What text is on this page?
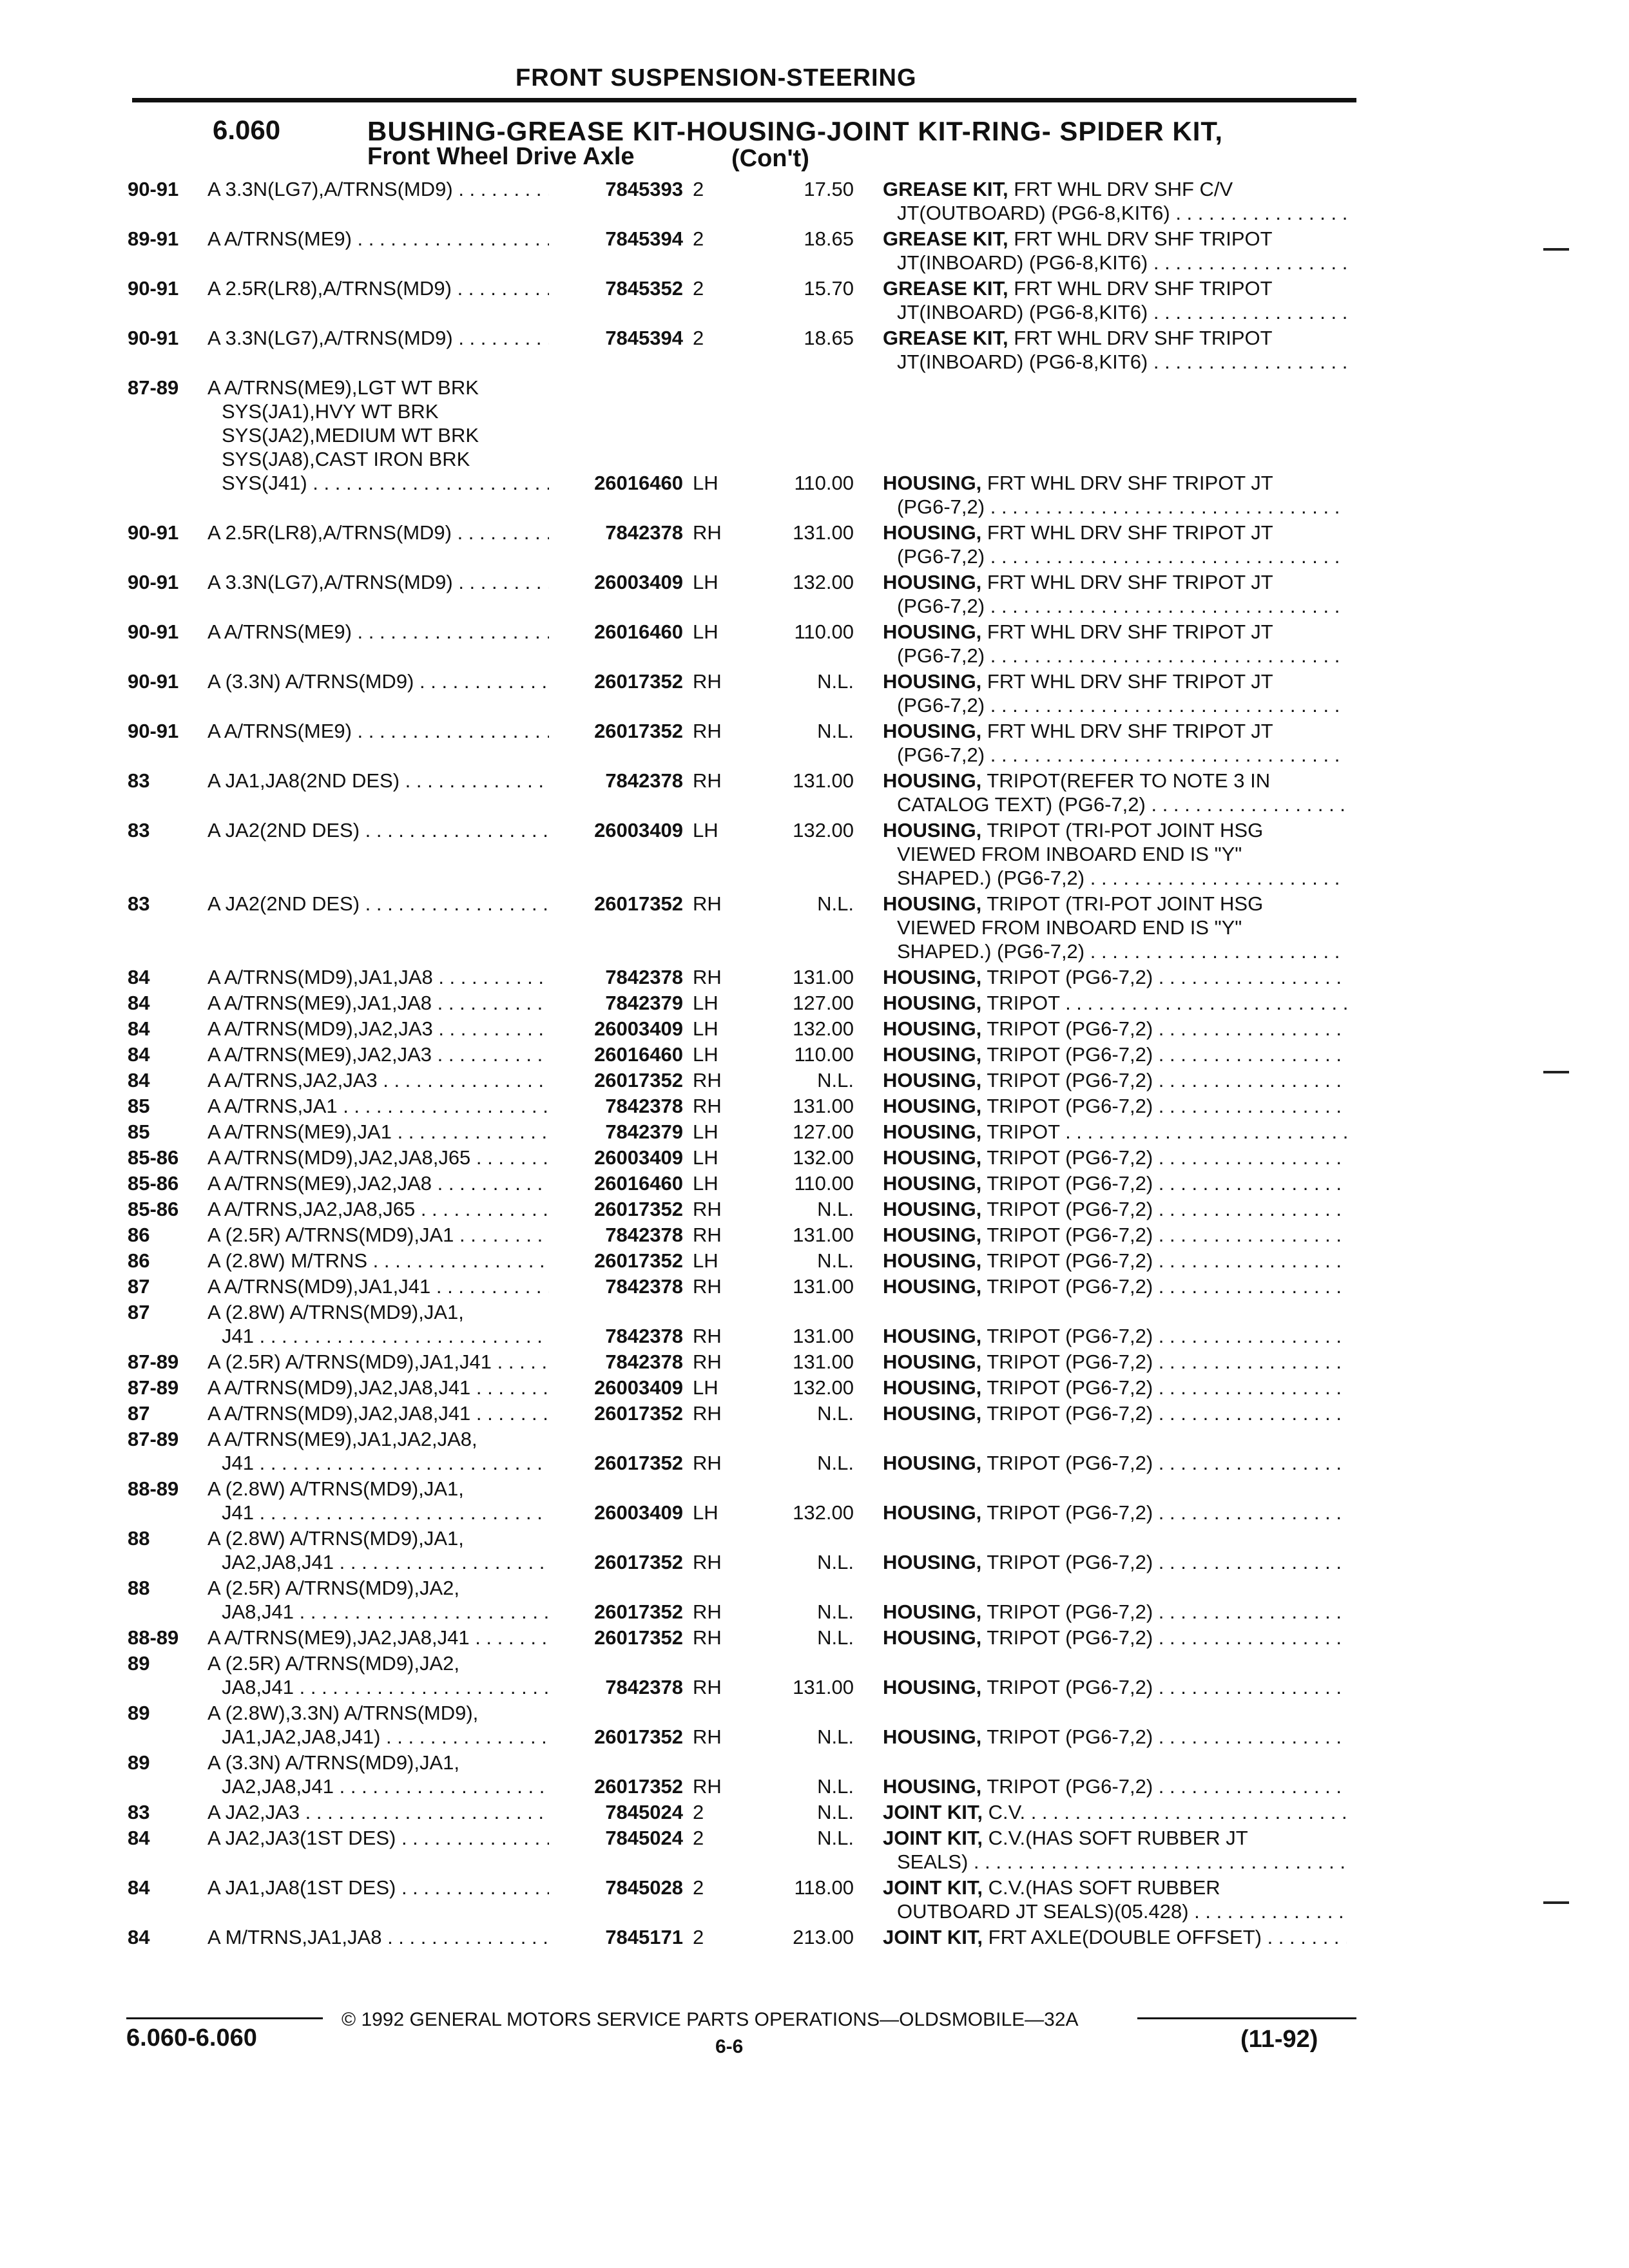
FRONT SUSPENSION-STEERING
6.060	BUSHING-GREASE KIT-HOUSING-JOINT KIT-RING- SPIDER KIT,
Front Wheel Drive Axle	(Con't)
90-91 A 3.3N(LG7),A/TRNS(MD9) . . .	7845393 2	17.50 GREASE KIT, FRT WHL DRV SHF C/V
JT(OUTBOARD) (PG6-8,KIT6) . . .
89-91 A A/TRNS(ME9) . . .	7845394 2	18.65 GREASE KIT, FRT WHL DRV SHF TRIPOT
JT(INBOARD) (PG6-8,KIT6) . . .
90-91 A 2.5R(LR8),A/TRNS(MD9) . . .	7845352 2	15.70 GREASE KIT, FRT WHL DRV SHF TRIPOT
JT(INBOARD) (PG6-8,KIT6) . . .
90-91 A 3.3N(LG7),A/TRNS(MD9) . . .	7845394 2	18.65 GREASE KIT, FRT WHL DRV SHF TRIPOT
JT(INBOARD) (PG6-8,KIT6) . . .
87-89 A A/TRNS(ME9),LGT WT BRK
SYS(JA1),HVY WT BRK
SYS(JA2),MEDIUM WT BRK
SYS(JA8),CAST IRON BRK
SYS(J41) . . .	26016460 LH	110.00 HOUSING, FRT WHL DRV SHF TRIPOT JT
(PG6-7,2) . . .
90-91 A 2.5R(LR8),A/TRNS(MD9) . . .	7842378 RH	131.00 HOUSING, FRT WHL DRV SHF TRIPOT JT
(PG6-7,2) . . .
90-91 A 3.3N(LG7),A/TRNS(MD9) . . .	26003409 LH	132.00 HOUSING, FRT WHL DRV SHF TRIPOT JT
(PG6-7,2) . . .
90-91 A A/TRNS(ME9) . . .	26016460 LH	110.00 HOUSING, FRT WHL DRV SHF TRIPOT JT
(PG6-7,2) . . .
90-91 A (3.3N) A/TRNS(MD9) . . .	26017352 RH	N.L. HOUSING, FRT WHL DRV SHF TRIPOT JT
(PG6-7,2) . . .
90-91 A A/TRNS(ME9) . . .	26017352 RH	N.L. HOUSING, FRT WHL DRV SHF TRIPOT JT
(PG6-7,2) . . .
83	A JA1,JA8(2ND DES) . . .	7842378 RH	131.00 HOUSING, TRIPOT(REFER TO NOTE 3 IN
CATALOG TEXT) (PG6-7,2) . . .
83	A JA2(2ND DES) . . .	26003409 LH	132.00 HOUSING, TRIPOT (TRI-POT JOINT HSG
VIEWED FROM INBOARD END IS "Y"
SHAPED.) (PG6-7,2) . . .
83	A JA2(2ND DES) . . .	26017352 RH	N.L. HOUSING, TRIPOT (TRI-POT JOINT HSG
VIEWED FROM INBOARD END IS "Y"
SHAPED.) (PG6-7,2) . . .
84	A A/TRNS(MD9),JA1,JA8 . . .	7842378 RH	131.00 HOUSING, TRIPOT (PG6-7,2) . . .
84	A A/TRNS(ME9),JA1,JA8 . . .	7842379 LH	127.00 HOUSING, TRIPOT . . .
84	A A/TRNS(MD9),JA2,JA3 . . .	26003409 LH	132.00 HOUSING, TRIPOT (PG6-7,2) . . .
84	A A/TRNS(ME9),JA2,JA3 . . .	26016460 LH	110.00 HOUSING, TRIPOT (PG6-7,2) . . .
84	A A/TRNS,JA2,JA3 . . .	26017352 RH	N.L. HOUSING, TRIPOT (PG6-7,2) . . .
85	A A/TRNS,JA1 . . .	7842378 RH	131.00 HOUSING, TRIPOT (PG6-7,2) . . .
85	A A/TRNS(ME9),JA1 . . .	7842379 LH	127.00 HOUSING, TRIPOT . . .
85-86 A A/TRNS(MD9),JA2,JA8,J65 . . .	26003409 LH	132.00 HOUSING, TRIPOT (PG6-7,2) . . .
85-86 A A/TRNS(ME9),JA2,JA8 . . .	26016460 LH	110.00 HOUSING, TRIPOT (PG6-7,2) . . .
85-86 A A/TRNS,JA2,JA8,J65 . . .	26017352 RH	N.L. HOUSING, TRIPOT (PG6-7,2) . . .
86	A (2.5R) A/TRNS(MD9),JA1 . . .	7842378 RH	131.00 HOUSING, TRIPOT (PG6-7,2) . . .
86	A (2.8W) M/TRNS . . .	26017352 LH	N.L. HOUSING, TRIPOT (PG6-7,2) . . .
87	A A/TRNS(MD9),JA1,J41 . . .	7842378 RH	131.00 HOUSING, TRIPOT (PG6-7,2) . . .
87	A (2.8W) A/TRNS(MD9),JA1,
J41 . . .	7842378 RH	131.00 HOUSING, TRIPOT (PG6-7,2) . . .
87-89 A (2.5R) A/TRNS(MD9),JA1,J41 . . .	7842378 RH	131.00 HOUSING, TRIPOT (PG6-7,2) . . .
87-89 A A/TRNS(MD9),JA2,JA8,J41 . . .	26003409 LH	132.00 HOUSING, TRIPOT (PG6-7,2) . . .
87	A A/TRNS(MD9),JA2,JA8,J41 . . .	26017352 RH	N.L. HOUSING, TRIPOT (PG6-7,2) . . .
87-89 A A/TRNS(ME9),JA1,JA2,JA8,
J41 . . .	26017352 RH	N.L. HOUSING, TRIPOT (PG6-7,2) . . .
88-89 A (2.8W) A/TRNS(MD9),JA1,
J41 . . .	26003409 LH	132.00 HOUSING, TRIPOT (PG6-7,2) . . .
88	A (2.8W) A/TRNS(MD9),JA1,
JA2,JA8,J41 . . .	26017352 RH	N.L. HOUSING, TRIPOT (PG6-7,2) . . .
88	A (2.5R) A/TRNS(MD9),JA2,
JA8,J41 . . .	26017352 RH	N.L. HOUSING, TRIPOT (PG6-7,2) . . .
88-89 A A/TRNS(ME9),JA2,JA8,J41 . . .	26017352 RH	N.L. HOUSING, TRIPOT (PG6-7,2) . . .
89	A (2.5R) A/TRNS(MD9),JA2,
JA8,J41 . . .	7842378 RH	131.00 HOUSING, TRIPOT (PG6-7,2) . . .
89	A (2.8W),3.3N) A/TRNS(MD9),
JA1,JA2,JA8,J41) . . .	26017352 RH	N.L. HOUSING, TRIPOT (PG6-7,2) . . .
89	A (3.3N) A/TRNS(MD9),JA1,
JA2,JA8,J41 . . .	26017352 RH	N.L. HOUSING, TRIPOT (PG6-7,2) . . .
83	A JA2,JA3 . . .	7845024 2	N.L. JOINT KIT, C.V. . . .
84	A JA2,JA3(1ST DES) . . .	7845024 2	N.L. JOINT KIT, C.V.(HAS SOFT RUBBER JT
SEALS) . . .
84	A JA1,JA8(1ST DES) . . .	7845028 2	118.00 JOINT KIT, C.V.(HAS SOFT RUBBER
OUTBOARD JT SEALS)(05.428) . . .
84	A M/TRNS,JA1,JA8 . . .	7845171 2	213.00 JOINT KIT, FRT AXLE(DOUBLE OFFSET) . . .
© 1992 GENERAL MOTORS SERVICE PARTS OPERATIONS—OLDSMOBILE—32A
6.060-6.060	6-6	(11-92)
